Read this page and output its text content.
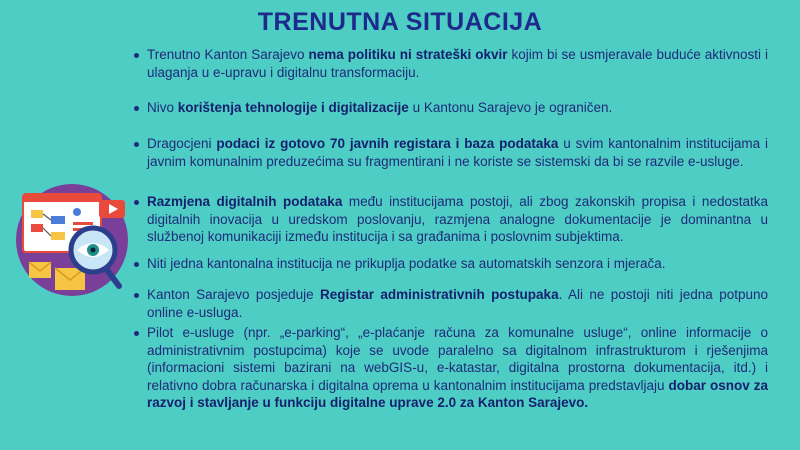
TRENUTNA SITUACIJA
Trenutno Kanton Sarajevo nema politiku ni strateški okvir kojim bi se usmjeravale buduće aktivnosti i ulaganja u e-upravu i digitalnu transformaciju.
Nivo korištenja tehnologije i digitalizacije u Kantonu Sarajevo je ograničen.
Dragocjeni podaci iz gotovo 70 javnih registara i baza podataka u svim kantonalnim institucijama i javnim komunalnim preduzećima su fragmentirani i ne koriste se sistemski da bi se razvile e-usluge.
Razmjena digitalnih podataka među institucijama postoji, ali zbog zakonskih propisa i nedostatka digitalnih inovacija u uredskom poslovanju, razmjena analogne dokumentacije je dominantna u službenoj komunikaciji između institucija i sa građanima i poslovnim subjektima.
Niti jedna kantonalna institucija ne prikuplja podatke sa automatskih senzora i mjerača.
Kanton Sarajevo posjeduje Registar administrativnih postupaka. Ali ne postoji niti jedna potpuno online e-usluga.
Pilot e-usluge (npr. „e-parking“, „e-plaćanje računa za komunalne usluge“, online informacije o administrativnim postupcima) koje se uvode paralelno sa digitalnom infrastrukturom i rješenjima (informacioni sistemi bazirani na webGIS-u, e-katastar, digitalna prostorna dokumentacija, itd.) i relativno dobra računarska i digitalna oprema u kantonalnim institucijama predstavljaju dobar osnov za razvoj i stavljanje u funkciju digitalne uprave 2.0 za Kanton Sarajevo.
